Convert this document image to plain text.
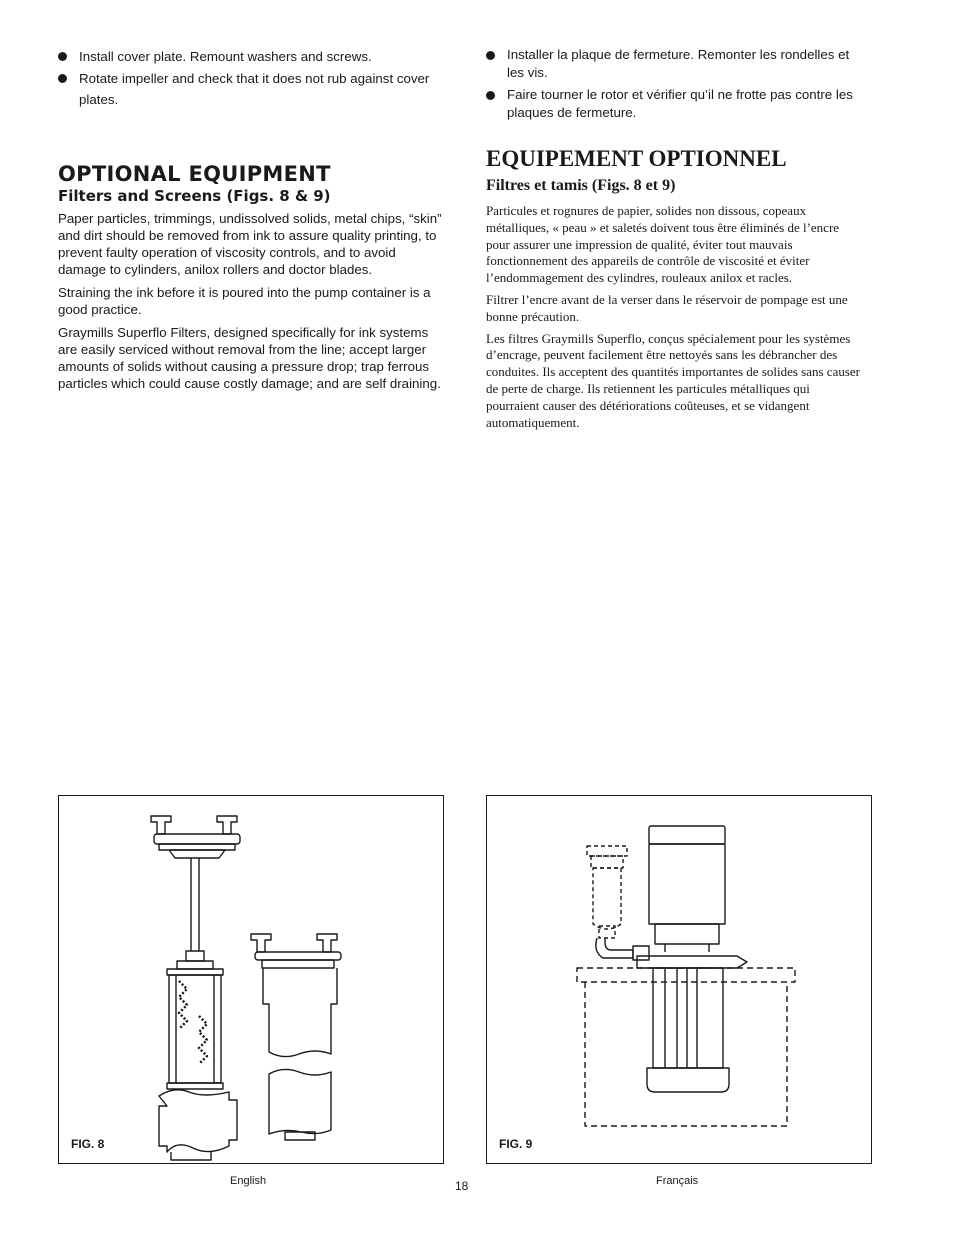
Install cover plate. Remount washers and screws.
Rotate impeller and check that it does not rub against cover plates.
OPTIONAL EQUIPMENT
Filters and Screens (Figs. 8 & 9)

Paper particles, trimmings, undissolved solids, metal chips, “skin” and dirt should be removed from ink to assure quality printing, to prevent faulty operation of viscosity controls, and to avoid damage to cylinders, anilox rollers and doctor blades.

Straining the ink before it is poured into the pump container is a good practice.

Graymills Superflo Filters, designed specifically for ink systems are easily serviced without removal from the line; accept larger amounts of solids without causing a pressure drop; trap ferrous particles which could cause costly damage; and are self draining.

Installer la plaque de fermeture. Remonter les rondelles et les vis.
Faire tourner le rotor et vérifier qu’il ne frotte pas contre les plaques de fermeture.
EQUIPEMENT OPTIONNEL
Filtres et tamis (Figs. 8 et 9)

Particules et rognures de papier, solides non dissous, copeaux métalliques, « peau » et saletés doivent tous être éliminés de l’encre pour assurer une impression de qualité, éviter tout mauvais fonctionnement des appareils de contrôle de viscosité et éviter l’endommagement des cylindres, rouleaux anilox et racles.

Filtrer l’encre avant de la verser dans le réservoir de pompage est une bonne précaution.

Les filtres Graymills Superflo, conçus spécialement pour les systèmes d’encrage, peuvent facilement être nettoyés sans les débrancher des conduites. Ils acceptent des quantités importantes de solides sans causer de perte de charge. Ils retiennent les particules métalliques qui pourraient causer des détériorations coûteuses, et se vidangent automatiquement.

FIG. 8	FIG. 9
English	18	Français
